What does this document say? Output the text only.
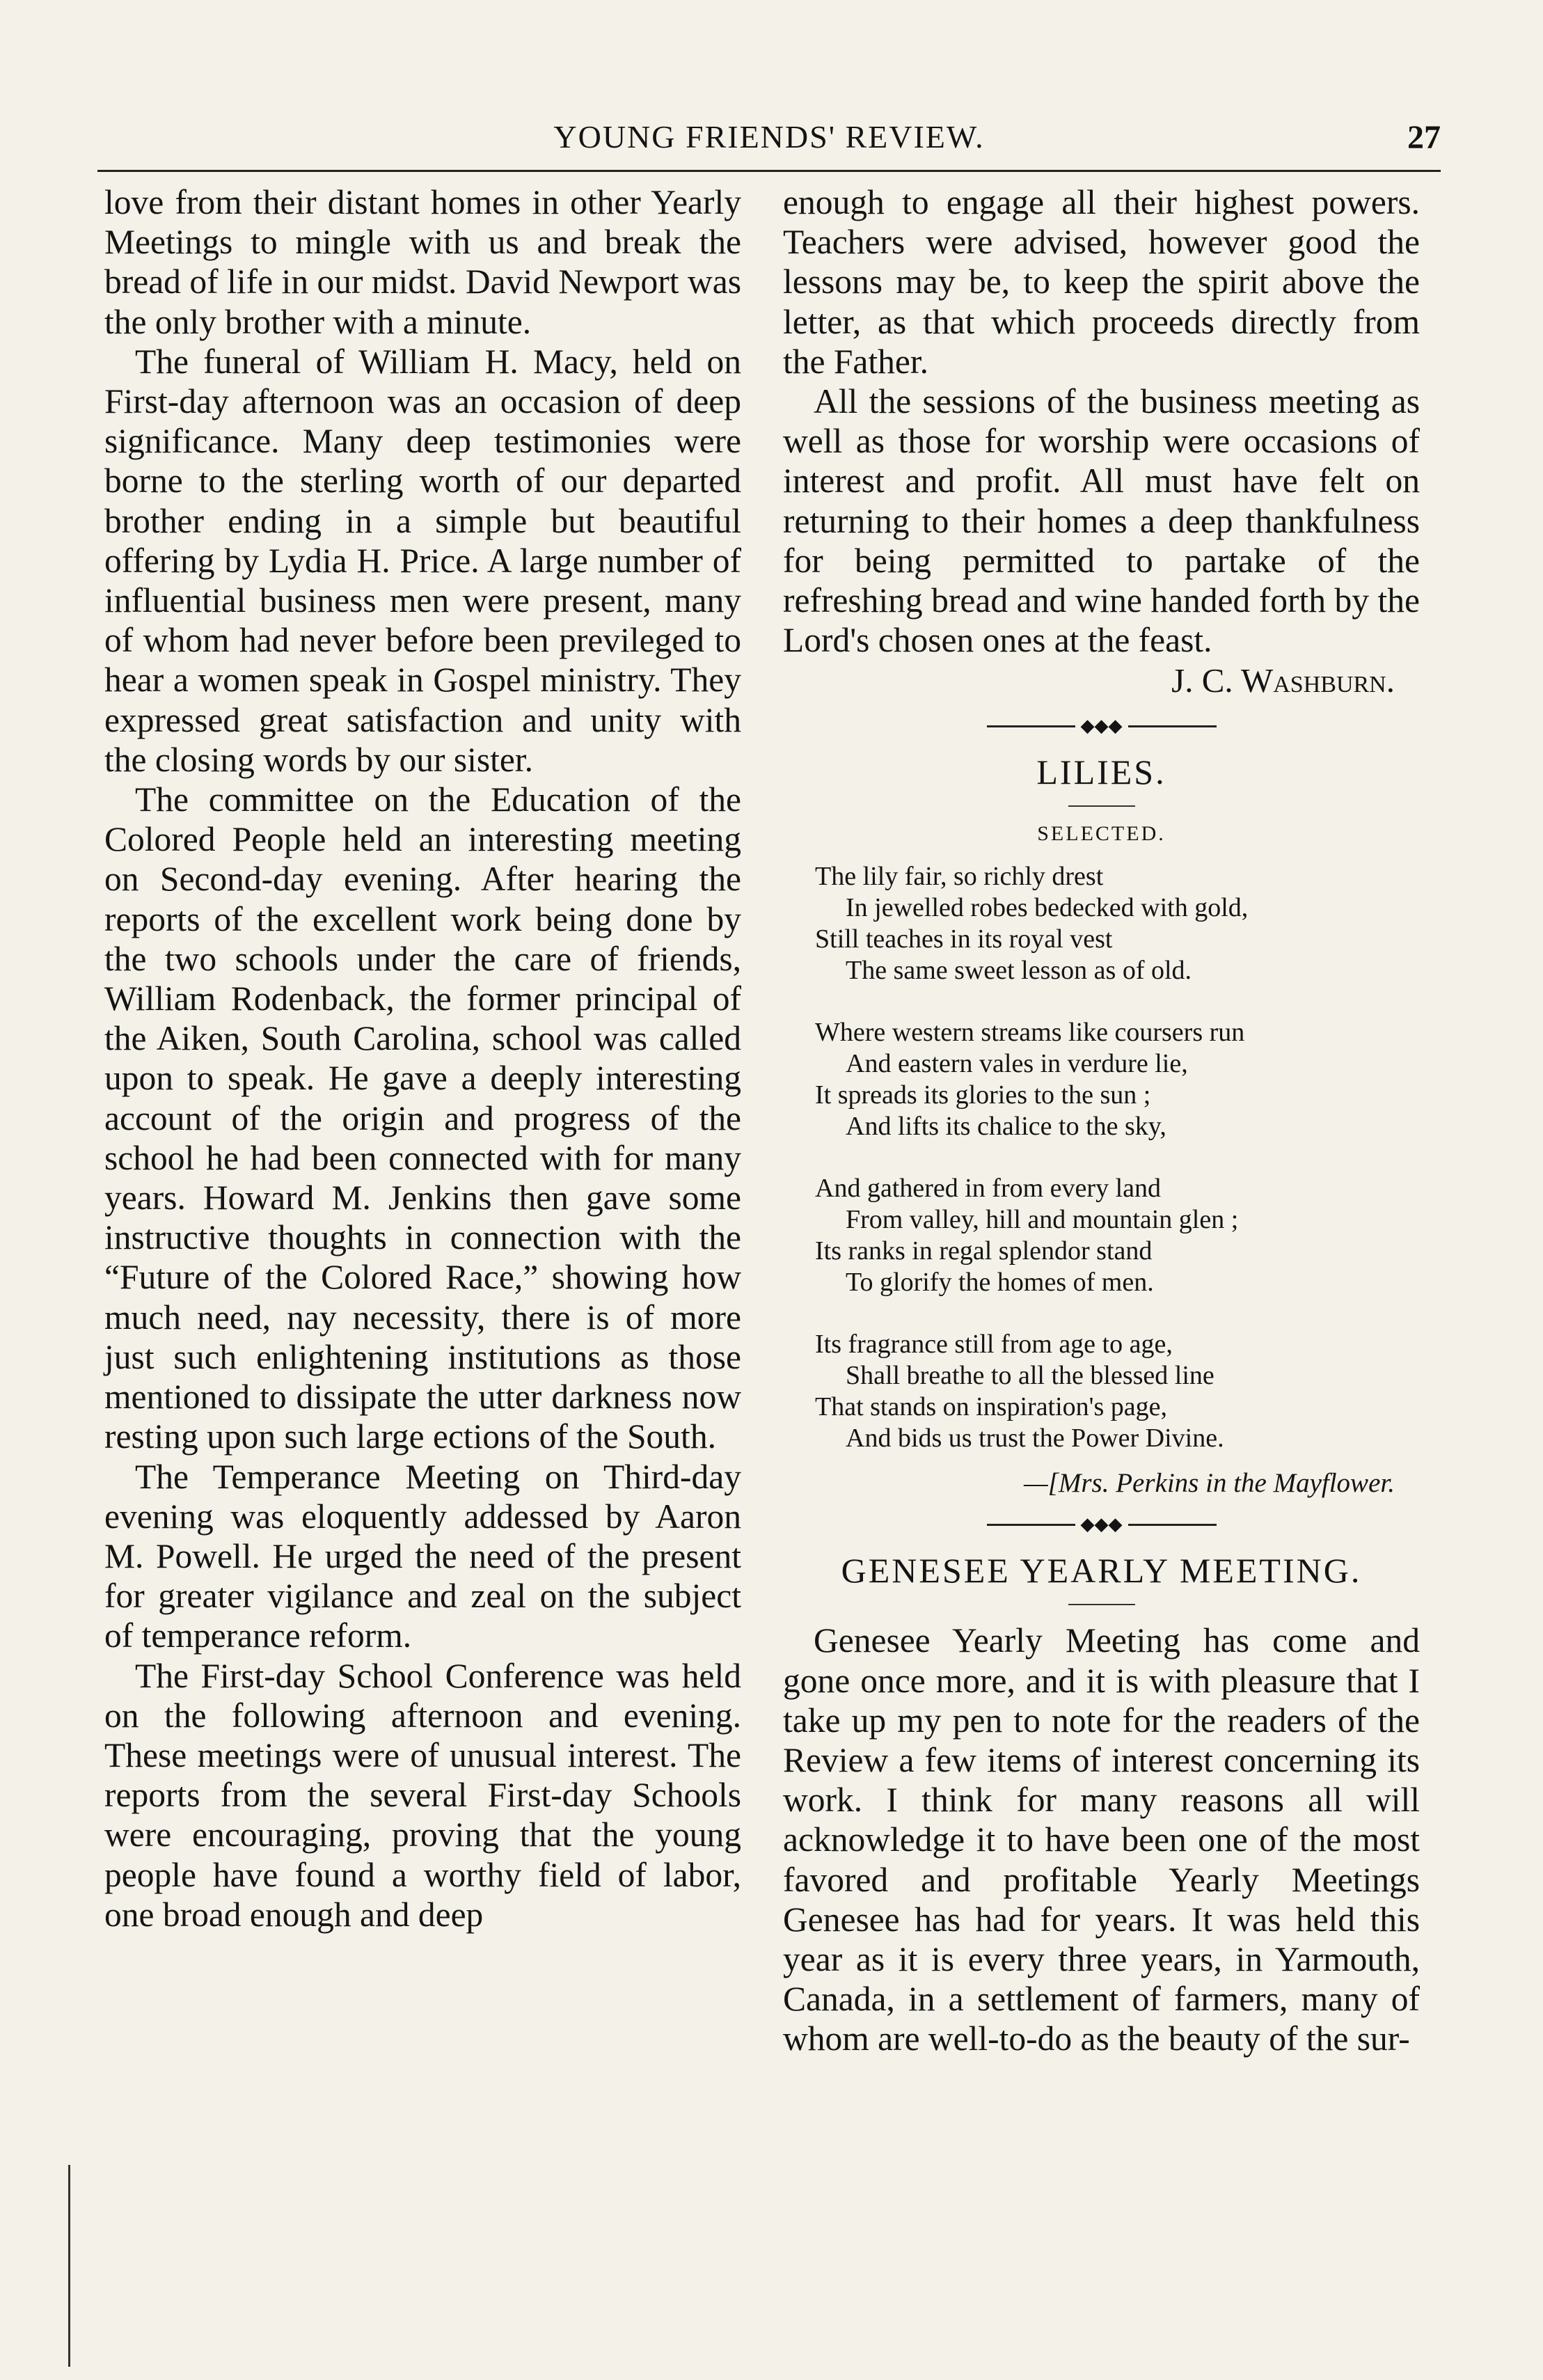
YOUNG FRIENDS' REVIEW.	27

love from their distant homes in other Yearly Meetings to mingle with us and break the bread of life in our midst. David Newport was the only brother with a minute.

The funeral of William H. Macy, held on First-day afternoon was an occasion of deep significance. Many deep testimonies were borne to the sterling worth of our departed brother ending in a simple but beautiful offering by Lydia H. Price. A large number of influential business men were present, many of whom had never before been previleged to hear a women speak in Gospel ministry. They expressed great satisfaction and unity with the closing words by our sister.

The committee on the Education of the Colored People held an interesting meeting on Second-day evening. After hearing the reports of the excellent work being done by the two schools under the care of friends, William Rodenback, the former principal of the Aiken, South Carolina, school was called upon to speak. He gave a deeply interesting account of the origin and progress of the school he had been connected with for many years. Howard M. Jenkins then gave some instructive thoughts in connection with the “Future of the Colored Race,” showing how much need, nay necessity, there is of more just such enlightening institutions as those mentioned to dissipate the utter darkness now resting upon such large ections of the South.

The Temperance Meeting on Third-day evening was eloquently addessed by Aaron M. Powell. He urged the need of the present for greater vigilance and zeal on the subject of temperance reform.

The First-day School Conference was held on the following afternoon and evening. These meetings were of unusual interest. The reports from the several First-day Schools were encouraging, proving that the young people have found a worthy field of labor, one broad enough and deep

enough to engage all their highest powers. Teachers were advised, however good the lessons may be, to keep the spirit above the letter, as that which proceeds directly from the Father.

All the sessions of the business meeting as well as those for worship were occasions of interest and profit. All must have felt on returning to their homes a deep thankfulness for being permitted to partake of the refreshing bread and wine handed forth by the Lord's chosen ones at the feast.

J. C. Washburn.

◆◆◆

LILIES.

SELECTED.

The lily fair, so richly drest
In jewelled robes bedecked with gold,
Still teaches in its royal vest
The same sweet lesson as of old.
Where western streams like coursers run
And eastern vales in verdure lie,
It spreads its glories to the sun ;
And lifts its chalice to the sky,
And gathered in from every land
From valley, hill and mountain glen ;
Its ranks in regal splendor stand
To glorify the homes of men.
Its fragrance still from age to age,
Shall breathe to all the blessed line
That stands on inspiration's page,
And bids us trust the Power Divine.

—[Mrs. Perkins in the Mayflower.

◆◆◆

GENESEE YEARLY MEETING.

Genesee Yearly Meeting has come and gone once more, and it is with pleasure that I take up my pen to note for the readers of the Review a few items of interest concerning its work. I think for many reasons all will acknowledge it to have been one of the most favored and profitable Yearly Meetings Genesee has had for years. It was held this year as it is every three years, in Yarmouth, Canada, in a settlement of farmers, many of whom are well-to-do as the beauty of the sur-
